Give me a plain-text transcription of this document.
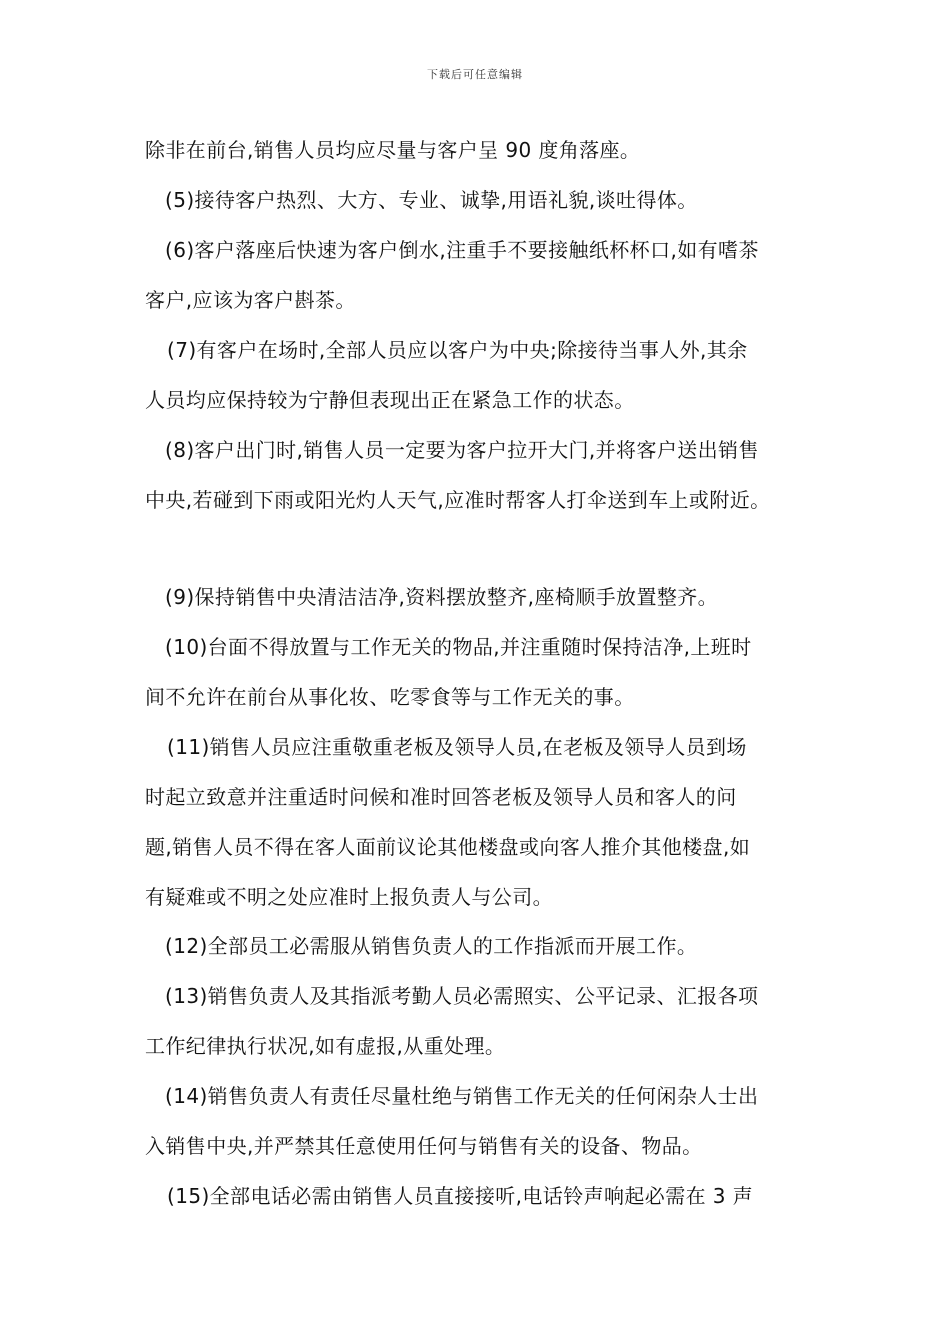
下载后可任意编辑
除非在前台,销售人员均应尽量与客户呈 90 度角落座。
(5)接待客户热烈、大方、专业、诚挚,用语礼貌,谈吐得体。
(6)客户落座后快速为客户倒水,注重手不要接触纸杯杯口,如有嗜茶
客户,应该为客户斟茶。
(7)有客户在场时,全部人员应以客户为中央;除接待当事人外,其余
人员均应保持较为宁静但表现出正在紧急工作的状态。
(8)客户出门时,销售人员一定要为客户拉开大门,并将客户送出销售
中央,若碰到下雨或阳光灼人天气,应准时帮客人打伞送到车上或附近。
(9)保持销售中央清洁洁净,资料摆放整齐,座椅顺手放置整齐。
(10)台面不得放置与工作无关的物品,并注重随时保持洁净,上班时
间不允许在前台从事化妆、吃零食等与工作无关的事。
(11)销售人员应注重敬重老板及领导人员,在老板及领导人员到场
时起立致意并注重适时问候和准时回答老板及领导人员和客人的问
题,销售人员不得在客人面前议论其他楼盘或向客人推介其他楼盘,如
有疑难或不明之处应准时上报负责人与公司。
(12)全部员工必需服从销售负责人的工作指派而开展工作。
(13)销售负责人及其指派考勤人员必需照实、公平记录、汇报各项
工作纪律执行状况,如有虚报,从重处理。
(14)销售负责人有责任尽量杜绝与销售工作无关的任何闲杂人士出
入销售中央,并严禁其任意使用任何与销售有关的设备、物品。
(15)全部电话必需由销售人员直接接听,电话铃声响起必需在 3 声
